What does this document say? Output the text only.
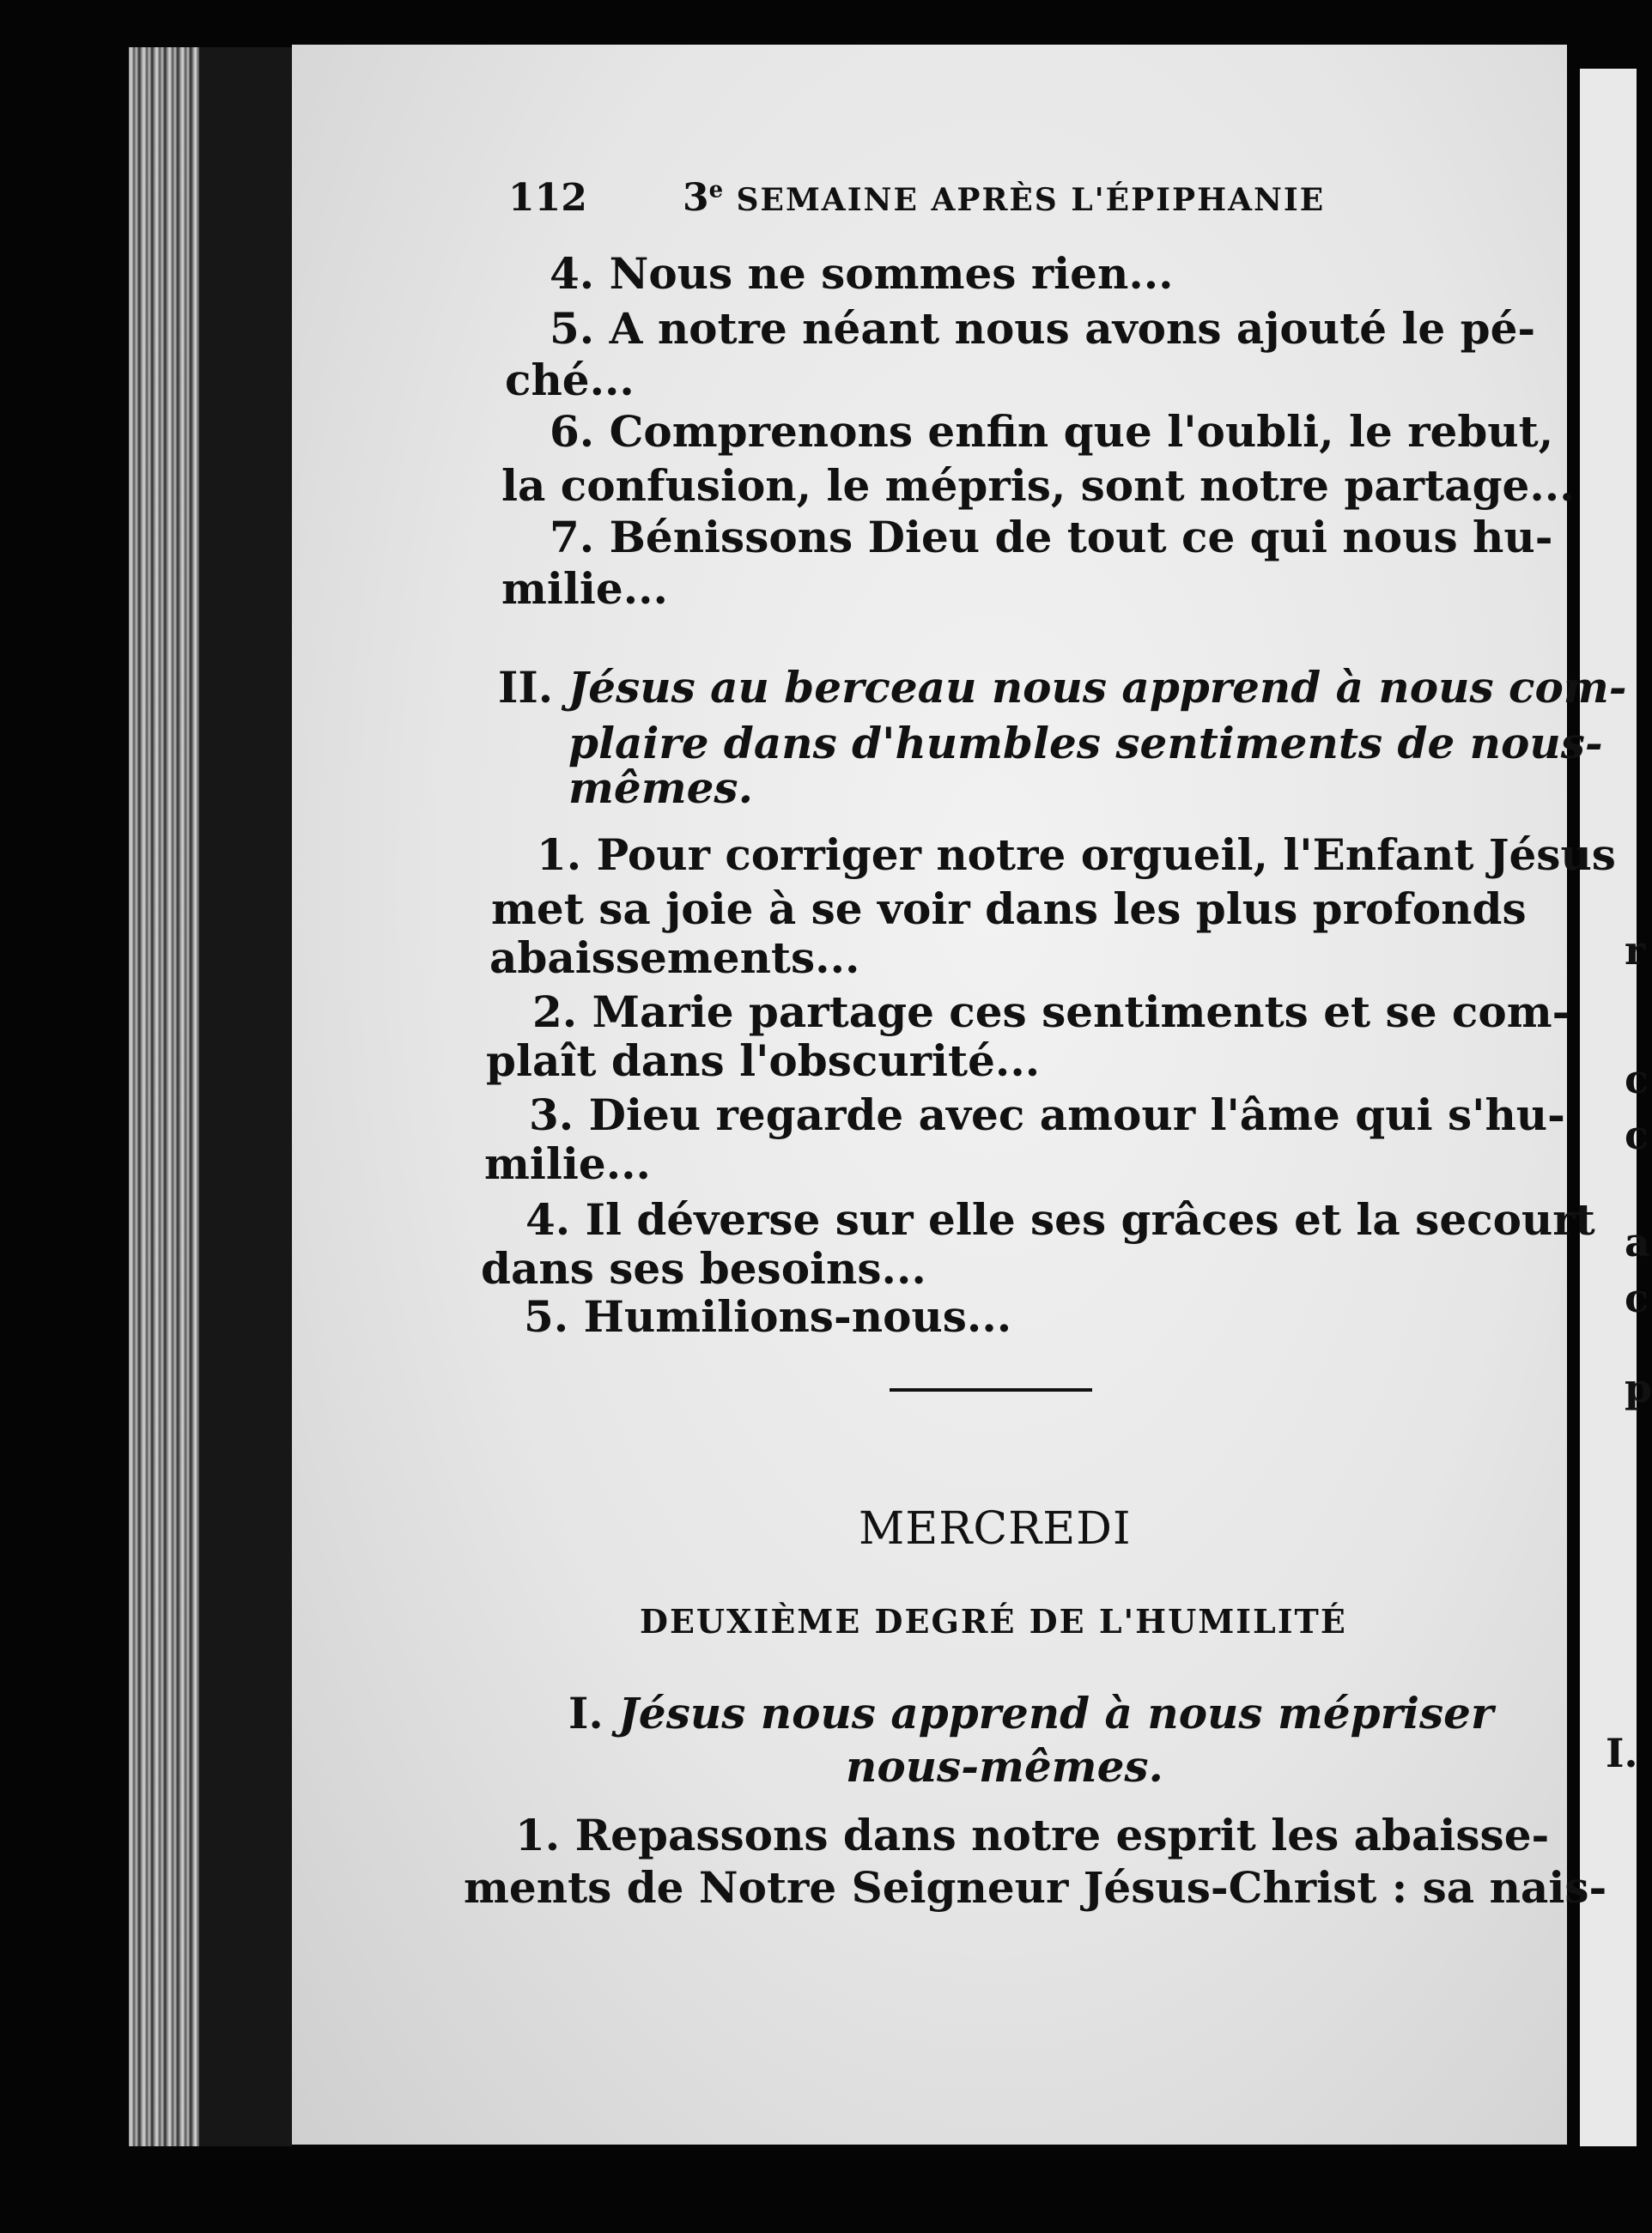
r
c
c
a
c
p
I.
112	3e SEMAINE APRÈS L'ÉPIPHANIE

4. Nous ne sommes rien...

5. A notre néant nous avons ajouté le pé-

ché...

6. Comprenons enfin que l'oubli, le rebut,
la confusion, le mépris, sont notre partage...
7. Bénissons Dieu de tout ce qui nous hu-

milie...

II. Jésus au berceau nous apprend à nous com-
plaire dans d'humbles sentiments de nous-

mêmes.

1. Pour corriger notre orgueil, l'Enfant Jésus
met sa joie à se voir dans les plus profonds

abaissements...

2. Marie partage ces sentiments et se com-

plaît dans l'obscurité...

3. Dieu regarde avec amour l'âme qui s'hu-

milie...

4. Il déverse sur elle ses grâces et la secourt

dans ses besoins...

5. Humilions-nous...

MERCREDI

DEUXIÈME DEGRÉ DE L'HUMILITÉ

I. Jésus nous apprend à nous mépriser

nous-mêmes.

1. Repassons dans notre esprit les abaisse-
ments de Notre Seigneur Jésus-Christ : sa nais-
